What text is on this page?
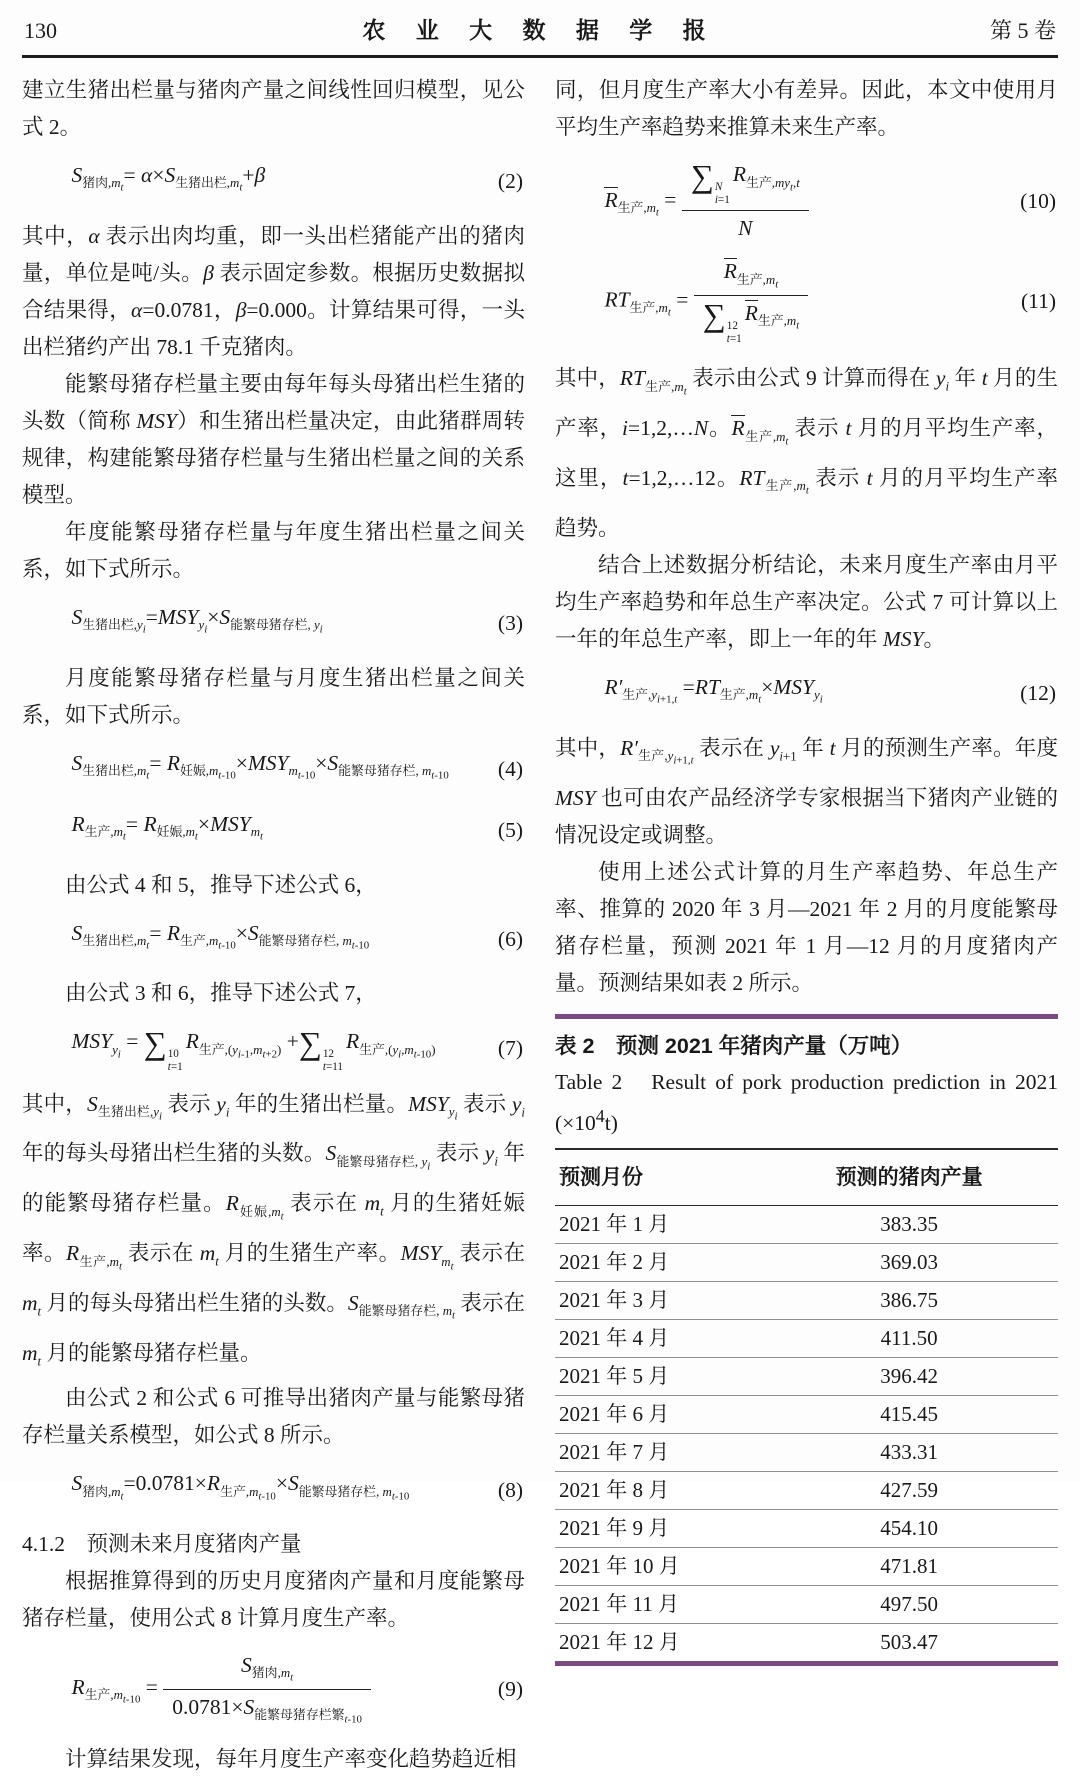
130	农 业 大 数 据 学 报	第 5 卷

建立生猪出栏量与猪肉产量之间线性回归模型，见公式 2。

$S_{猪肉,m_t}= \alpha\times S_{生猪出栏,m_t}+\beta$	(2)

其中，α 表示出肉均重，即一头出栏猪能产出的猪肉量，单位是吨/头。β 表示固定参数。根据历史数据拟合结果得，α=0.0781，β=0.000。计算结果可得，一头出栏猪约产出 78.1 千克猪肉。

能繁母猪存栏量主要由每年每头母猪出栏生猪的头数（简称 MSY）和生猪出栏量决定，由此猪群周转规律，构建能繁母猪存栏量与生猪出栏量之间的关系模型。

年度能繁母猪存栏量与年度生猪出栏量之间关系，如下式所示。

$S_{生猪出栏,y_i}=MSY_{y_i}\times S_{能繁母猪存栏, y_i}$	(3)

月度能繁母猪存栏量与月度生猪出栏量之间关系，如下式所示。

$S_{生猪出栏,m_t}= R_{妊娠,m_{t-10}}\times MSY_{m_{t-10}}\times S_{能繁母猪存栏, m_{t-10}}$	(4)
$R_{生产,m_t}= R_{妊娠,m_t}\times MSY_{m_t}$	(5)

由公式 4 和 5，推导下述公式 6，

$S_{生猪出栏,m_t}= R_{生产,m_{t-10}}\times S_{能繁母猪存栏, m_{t-10}}$	(6)

由公式 3 和 6，推导下述公式 7，

$MSY_{y_i}$ = ∑ 10
t=1
$R_{生产,(y_{i-1},m_{t+2})}$ +∑ 12
t=11
$R_{生产,(y_i,m_{t-10})}$	(7)

其中，$S_{生猪出栏,y_i}$ 表示 $y_i$ 年的生猪出栏量。$MSY_{y_i}$ 表示 $y_i$ 年的每头母猪出栏生猪的头数。$S_{能繁母猪存栏, y_i}$ 表示 $y_i$ 年的能繁母猪存栏量。$R_{妊娠,m_t}$ 表示在 $m_t$ 月的生猪妊娠率。$R_{生产,m_t}$ 表示在 $m_t$ 月的生猪生产率。$MSY_{m_t}$ 表示在 $m_t$ 月的每头母猪出栏生猪的头数。$S_{能繁母猪存栏, m_t}$ 表示在 $m_t$ 月的能繁母猪存栏量。

由公式 2 和公式 6 可推导出猪肉产量与能繁母猪存栏量关系模型，如公式 8 所示。

$S_{猪肉,m_t}=0.0781\times R_{生产,m_{t-10}}\times S_{能繁母猪存栏, m_{t-10}}$	(8)

4.1.2　预测未来月度猪肉产量

根据推算得到的历史月度猪肉产量和月度能繁母猪存栏量，使用公式 8 计算月度生产率。

$R_{生产,m_{t-10}} = \frac{S_{猪肉,m_t}}{0.0781\times S_{能繁母猪存栏繁_{t-10}}}$	(9)

计算结果发现，每年月度生产率变化趋势趋近相

同，但月度生产率大小有差异。因此，本文中使用月平均生产率趋势来推算未来生产率。

$R_{生产,m_t}$ = ∑ N
i=1
$R_{生产,my_t,t}$
N	(10)
$RT_{生产,m_t} = R_{生产,m_t}$
∑ 12
t=1
$R_{生产,m_t}$	(11)

其中，$RT_{生产,m_t}$ 表示由公式 9 计算而得在 $y_i$ 年 t 月的生产率，i=1,2,…N。$R_{生产,m_t}$ 表示 t 月的月平均生产率，这里，t=1,2,…12。$RT_{生产,m_t}$ 表示 t 月的月平均生产率趋势。

结合上述数据分析结论，未来月度生产率由月平均生产率趋势和年总生产率决定。公式 7 可计算以上一年的年总生产率，即上一年的年 MSY。

$R'_{生产,y_{i+1,t}} =RT_{生产,m_t}\times MSY_{y_i}$	(12)

其中，$R'_{生产,y_{i+1,t}}$ 表示在 $y_{i+1}$ 年 t 月的预测生产率。年度 MSY 也可由农产品经济学专家根据当下猪肉产业链的情况设定或调整。

使用上述公式计算的月生产率趋势、年总生产率、推算的 2020 年 3 月—2021 年 2 月的月度能繁母猪存栏量，预测 2021 年 1 月—12 月的月度猪肉产量。预测结果如表 2 所示。

表 2　预测 2021 年猪肉产量（万吨）
Table 2　Result of pork production prediction in 2021 $(\times 10^4t)$
预测月份	预测的猪肉产量
2021 年 1 月	383.35
2021 年 2 月	369.03
2021 年 3 月	386.75
2021 年 4 月	411.50
2021 年 5 月	396.42
2021 年 6 月	415.45
2021 年 7 月	433.31
2021 年 8 月	427.59
2021 年 9 月	454.10
2021 年 10 月	471.81
2021 年 11 月	497.50
2021 年 12 月	503.47
